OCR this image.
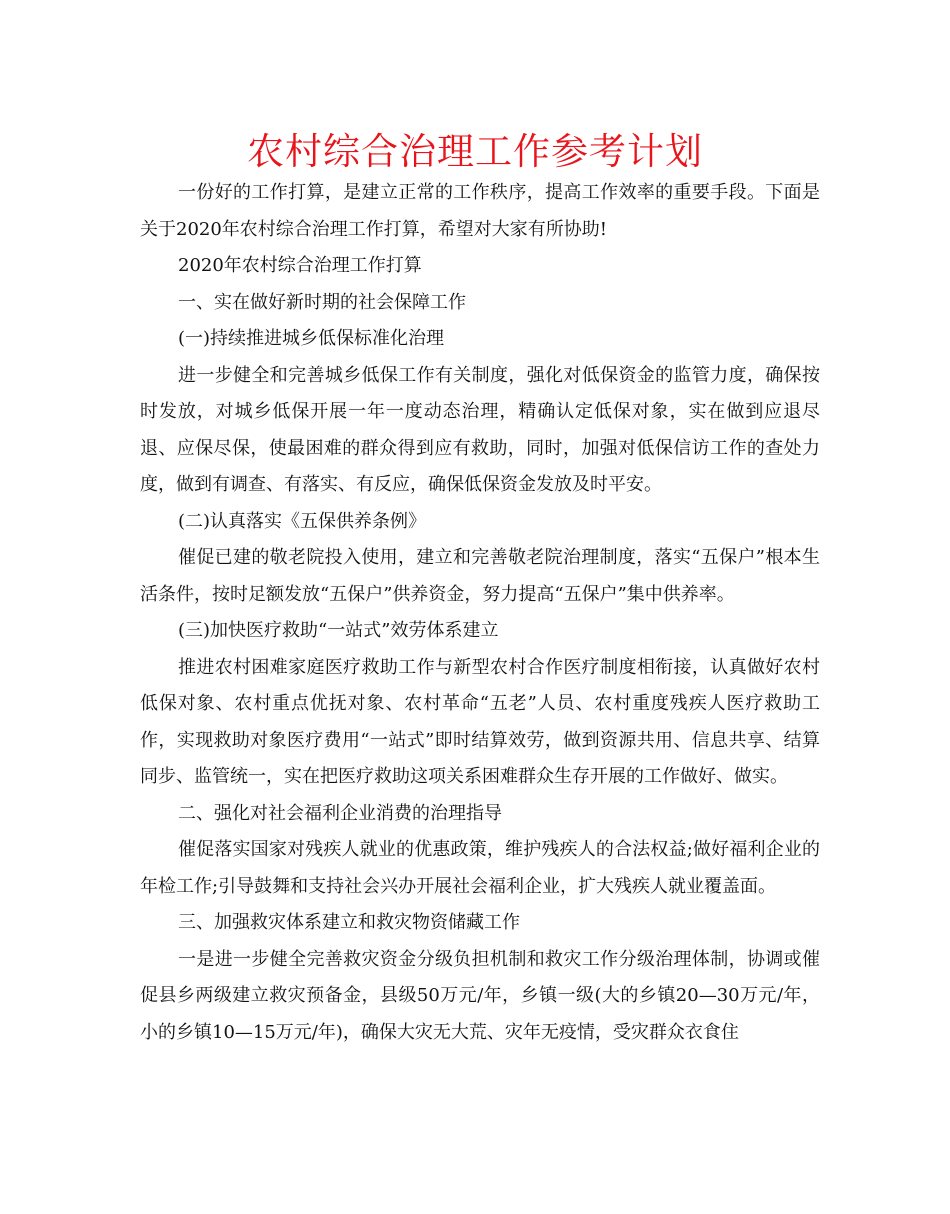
农村综合治理工作参考计划

一份好的工作打算，是建立正常的工作秩序，提高工作效率的重要手段。下面是关于2020年农村综合治理工作打算，希望对大家有所协助!

2020年农村综合治理工作打算

一、实在做好新时期的社会保障工作

(一)持续推进城乡低保标准化治理

进一步健全和完善城乡低保工作有关制度，强化对低保资金的监管力度，确保按时发放，对城乡低保开展一年一度动态治理，精确认定低保对象，实在做到应退尽退、应保尽保，使最困难的群众得到应有救助，同时，加强对低保信访工作的查处力度，做到有调查、有落实、有反应，确保低保资金发放及时平安。

(二)认真落实《五保供养条例》

催促已建的敬老院投入使用，建立和完善敬老院治理制度，落实“五保户”根本生活条件，按时足额发放“五保户”供养资金，努力提高“五保户”集中供养率。

(三)加快医疗救助“一站式”效劳体系建立

推进农村困难家庭医疗救助工作与新型农村合作医疗制度相衔接，认真做好农村低保对象、农村重点优抚对象、农村革命“五老”人员、农村重度残疾人医疗救助工作，实现救助对象医疗费用“一站式”即时结算效劳，做到资源共用、信息共享、结算同步、监管统一，实在把医疗救助这项关系困难群众生存开展的工作做好、做实。

二、强化对社会福利企业消费的治理指导

催促落实国家对残疾人就业的优惠政策，维护残疾人的合法权益;做好福利企业的年检工作;引导鼓舞和支持社会兴办开展社会福利企业，扩大残疾人就业覆盖面。

三、加强救灾体系建立和救灾物资储藏工作

一是进一步健全完善救灾资金分级负担机制和救灾工作分级治理体制，协调或催促县乡两级建立救灾预备金，县级50万元/年，乡镇一级(大的乡镇20—30万元/年，小的乡镇10—15万元/年)，确保大灾无大荒、灾年无疫情，受灾群众衣食住
